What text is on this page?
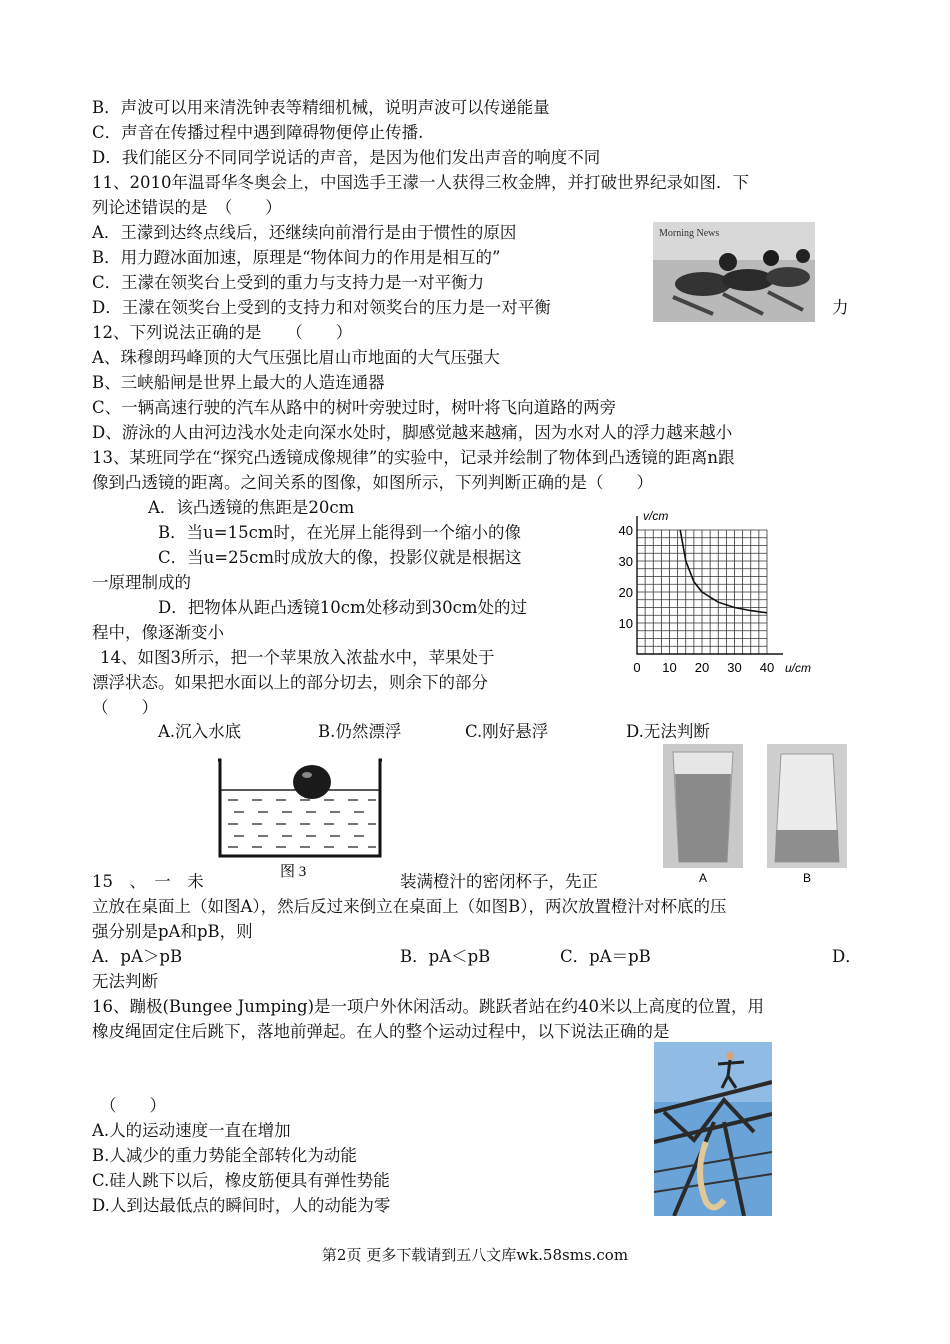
B．声波可以用来清洗钟表等精细机械，说明声波可以传递能量
C．声音在传播过程中遇到障碍物便停止传播.
D．我们能区分不同同学说话的声音，是因为他们发出声音的响度不同
11、2010年温哥华冬奥会上，中国选手王濛一人获得三枚金牌，并打破世界纪录如图．下
列论述错误的是　（　　）
A．王濛到达终点线后，还继续向前滑行是由于惯性的原因
B．用力蹬冰面加速，原理是“物体间力的作用是相互的”
C．王濛在领奖台上受到的重力与支持力是一对平衡力
D．王濛在领奖台上受到的支持力和对领奖台的压力是一对平衡	力
Morning News
12、下列说法正确的是　　（　　）
A、珠穆朗玛峰顶的大气压强比眉山市地面的大气压强大
B、三峡船闸是世界上最大的人造连通器
C、一辆高速行驶的汽车从路中的树叶旁驶过时，树叶将飞向道路的两旁
D、游泳的人由河边浅水处走向深水处时，脚感觉越来越痛，因为水对人的浮力越来越小
13、某班同学在“探究凸透镜成像规律”的实验中，记录并绘制了物体到凸透镜的距离n跟
像到凸透镜的距离。之间关系的图像，如图所示，下列判断正确的是（　　）
A．该凸透镜的焦距是20cm
B．当u=15cm时，在光屏上能得到一个缩小的像
C．当u=25cm时成放大的像，投影仪就是根据这
一原理制成的
D．把物体从距凸透镜10cm处移动到30cm处的过
程中，像逐渐变小
0 10 20 30 40
10
20
30
40
v/cm
u/cm
14、如图3所示，把一个苹果放入浓盐水中，苹果处于
漂浮状态。如果把水面以上的部分切去，则余下的部分
（　　）
A.沉入水底	B.仍然漂浮	C.刚好悬浮	D.无法判断
图 3	A	B
15　、　一　未	装满橙汁的密闭杯子，先正
立放在桌面上（如图A），然后反过来倒立在桌面上（如图B），两次放置橙汁对杯底的压
强分别是pA和pB，则
A．pA＞pB	B．pA＜pB	C．pA＝pB	D．
无法判断
16、蹦极(Bungee Jumping)是一项户外休闲活动。跳跃者站在约40米以上高度的位置，用
橡皮绳固定住后跳下，落地前弹起。在人的整个运动过程中，以下说法正确的是
（　　）
A.人的运动速度一直在增加
B.人减少的重力势能全部转化为动能
C.硅人跳下以后，橡皮筋便具有弹性势能
D.人到达最低点的瞬间时，人的动能为零
第2页 更多下载请到五八文库wk.58sms.com
